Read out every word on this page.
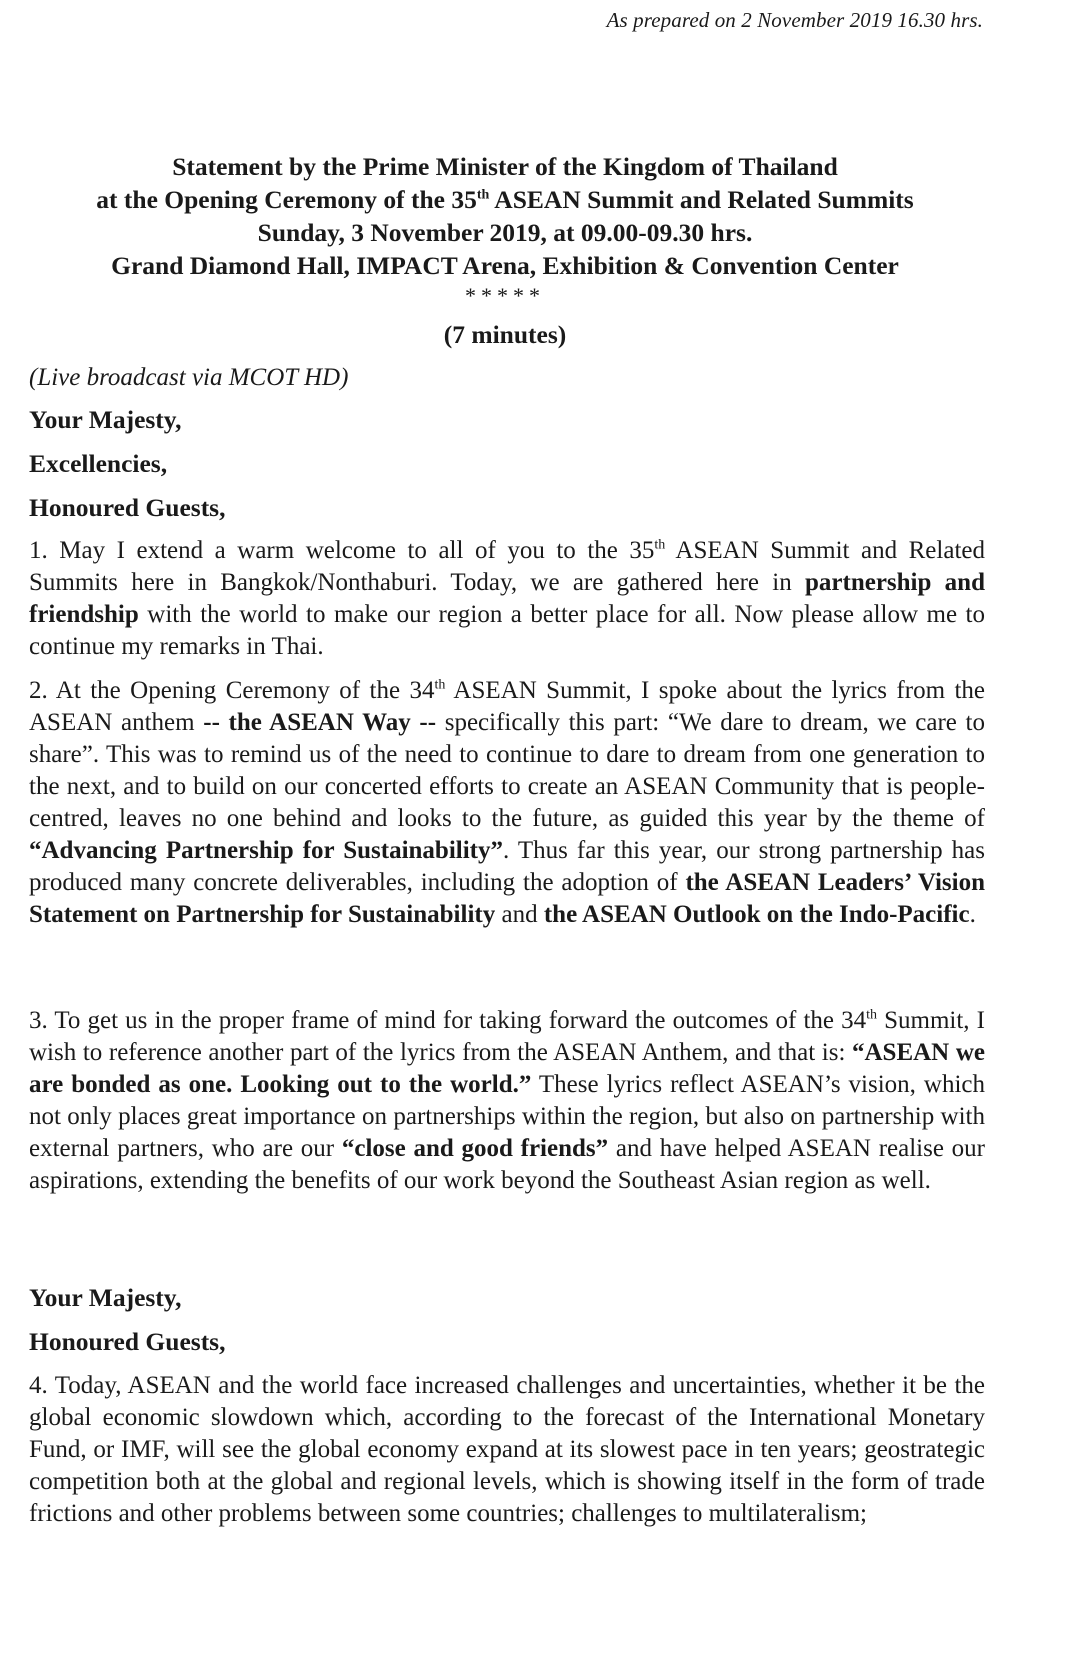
As prepared on 2 November 2019 16.30 hrs.
Statement by the Prime Minister of the Kingdom of Thailand
at the Opening Ceremony of the 35th ASEAN Summit and Related Summits
Sunday, 3 November 2019, at 09.00-09.30 hrs.
Grand Diamond Hall, IMPACT Arena, Exhibition & Convention Center
*****
(7 minutes)
(Live broadcast via MCOT HD)
Your Majesty,
Excellencies,
Honoured Guests,
1. May I extend a warm welcome to all of you to the 35th ASEAN Summit and Related Summits here in Bangkok/Nonthaburi. Today, we are gathered here in partnership and friendship with the world to make our region a better place for all. Now please allow me to continue my remarks in Thai.
2. At the Opening Ceremony of the 34th ASEAN Summit, I spoke about the lyrics from the ASEAN anthem -- the ASEAN Way -- specifically this part: “We dare to dream, we care to share”. This was to remind us of the need to continue to dare to dream from one generation to the next, and to build on our concerted efforts to create an ASEAN Community that is people-centred, leaves no one behind and looks to the future, as guided this year by the theme of “Advancing Partnership for Sustainability”. Thus far this year, our strong partnership has produced many concrete deliverables, including the adoption of the ASEAN Leaders’ Vision Statement on Partnership for Sustainability and the ASEAN Outlook on the Indo-Pacific.
3. To get us in the proper frame of mind for taking forward the outcomes of the 34th Summit, I wish to reference another part of the lyrics from the ASEAN Anthem, and that is: “ASEAN we are bonded as one. Looking out to the world.” These lyrics reflect ASEAN’s vision, which not only places great importance on partnerships within the region, but also on partnership with external partners, who are our “close and good friends” and have helped ASEAN realise our aspirations, extending the benefits of our work beyond the Southeast Asian region as well.
Your Majesty,
Honoured Guests,
4. Today, ASEAN and the world face increased challenges and uncertainties, whether it be the global economic slowdown which, according to the forecast of the International Monetary Fund, or IMF, will see the global economy expand at its slowest pace in ten years; geostrategic competition both at the global and regional levels, which is showing itself in the form of trade frictions and other problems between some countries; challenges to multilateralism;
